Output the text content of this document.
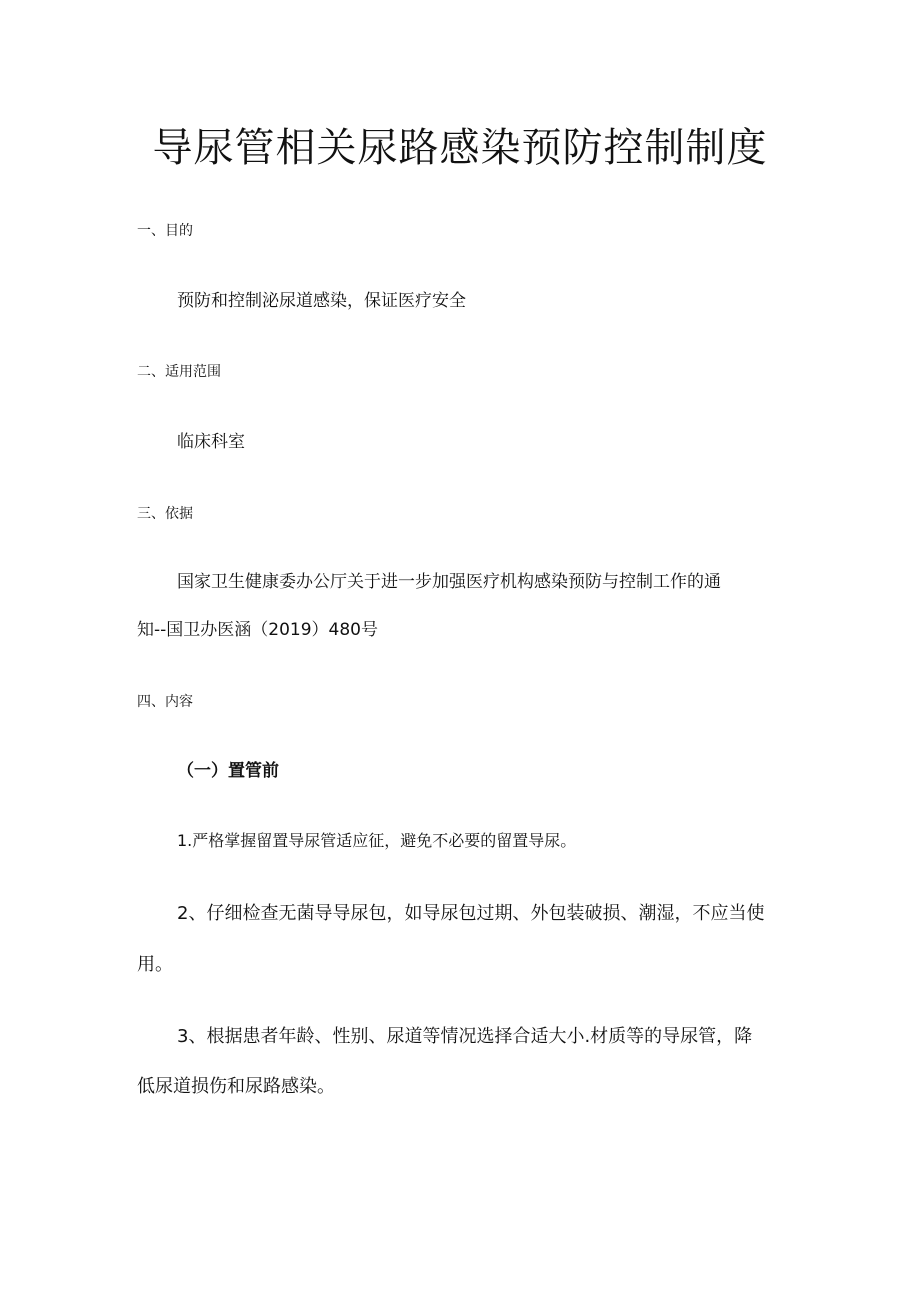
导尿管相关尿路感染预防控制制度

一、目的

预防和控制泌尿道感染，保证医疗安全

二、适用范围

临床科室

三、依据

国家卫生健康委办公厅关于进一步加强医疗机构感染预防与控制工作的通

知--国卫办医涵（2019）480号

四、内容

（一）置管前

1.严格掌握留置导尿管适应征，避免不必要的留置导尿。

2、仔细检查无菌导导尿包，如导尿包过期、外包装破损、潮湿，不应当使

用。

3、根据患者年龄、性别、尿道等情况选择合适大小.材质等的导尿管，降

低尿道损伤和尿路感染。
